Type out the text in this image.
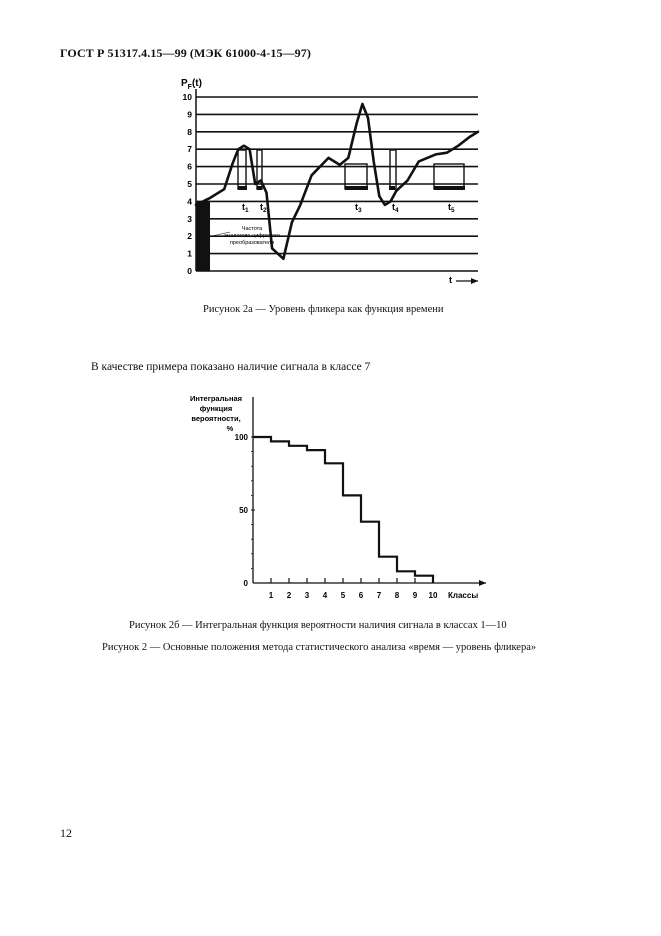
ГОСТ Р 51317.4.15—99 (МЭК 61000-4-15—97)
$P_F(t)$
0
1
2
3
4
5
6
7
8
9
10
$t_1$ $t_2$	$t_3$	$t_4$	$t_5$
Частота
аналогово-цифрового
преобразователя
t
Рисунок 2а — Уровень фликера как функция времени
В качестве примера показано наличие сигнала в классе 7
Интегральная
функция
вероятности,
%
0
50
100
1 2 3 4 5 6 7 8 9 10 Классы
Рисунок 2б — Интегральная функция вероятности наличия сигнала в классах 1—10
Рисунок 2 — Основные положения метода статистического анализа «время — уровень фликера»
12
